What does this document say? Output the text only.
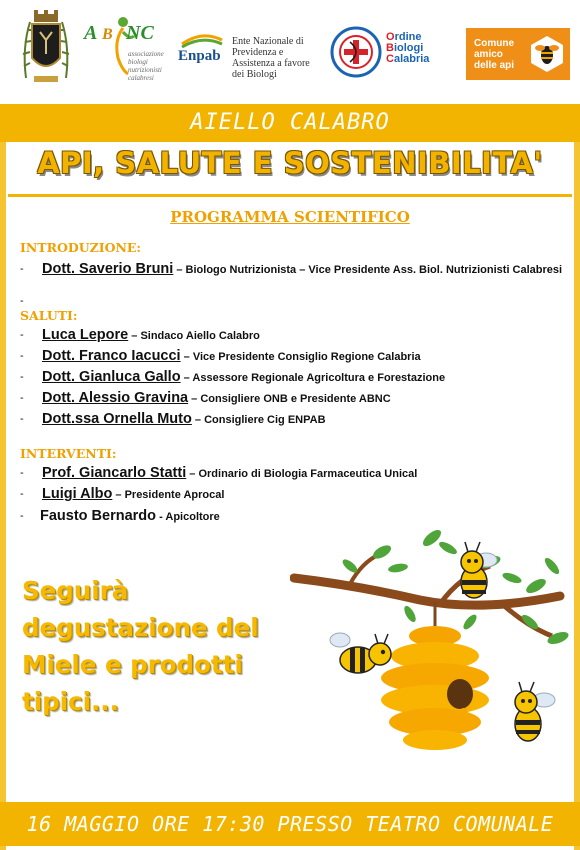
A B NC
associazione biologi nutrizionisti calabresi
Enpab
Ente Nazionale di Previdenza e Assistenza a favore dei Biologi
Ordine
Biologi
Calabria
Comune amico delle api
AIELLO CALABRO
API, SALUTE E SOSTENIBILITA'
PROGRAMMA SCIENTIFICO
INTRODUZIONE:
- Dott. Saverio Bruni – Biologo Nutrizionista – Vice Presidente Ass. Biol. Nutrizionisti Calabresi
-
SALUTI:
- Luca Lepore – Sindaco Aiello Calabro
- Dott. Franco Iacucci – Vice Presidente Consiglio Regione Calabria
- Dott. Gianluca Gallo – Assessore Regionale Agricoltura e Forestazione
- Dott. Alessio Gravina – Consigliere ONB e Presidente ABNC
- Dott.ssa Ornella Muto – Consigliere Cig ENPAB
INTERVENTI:
- Prof. Giancarlo Statti – Ordinario di Biologia Farmaceutica Unical
- Luigi Albo – Presidente Aprocal
- Fausto Bernardo - Apicoltore
Seguirà degustazione del Miele e prodotti tipici...
16 MAGGIO ORE 17:30 PRESSO TEATRO COMUNALE
